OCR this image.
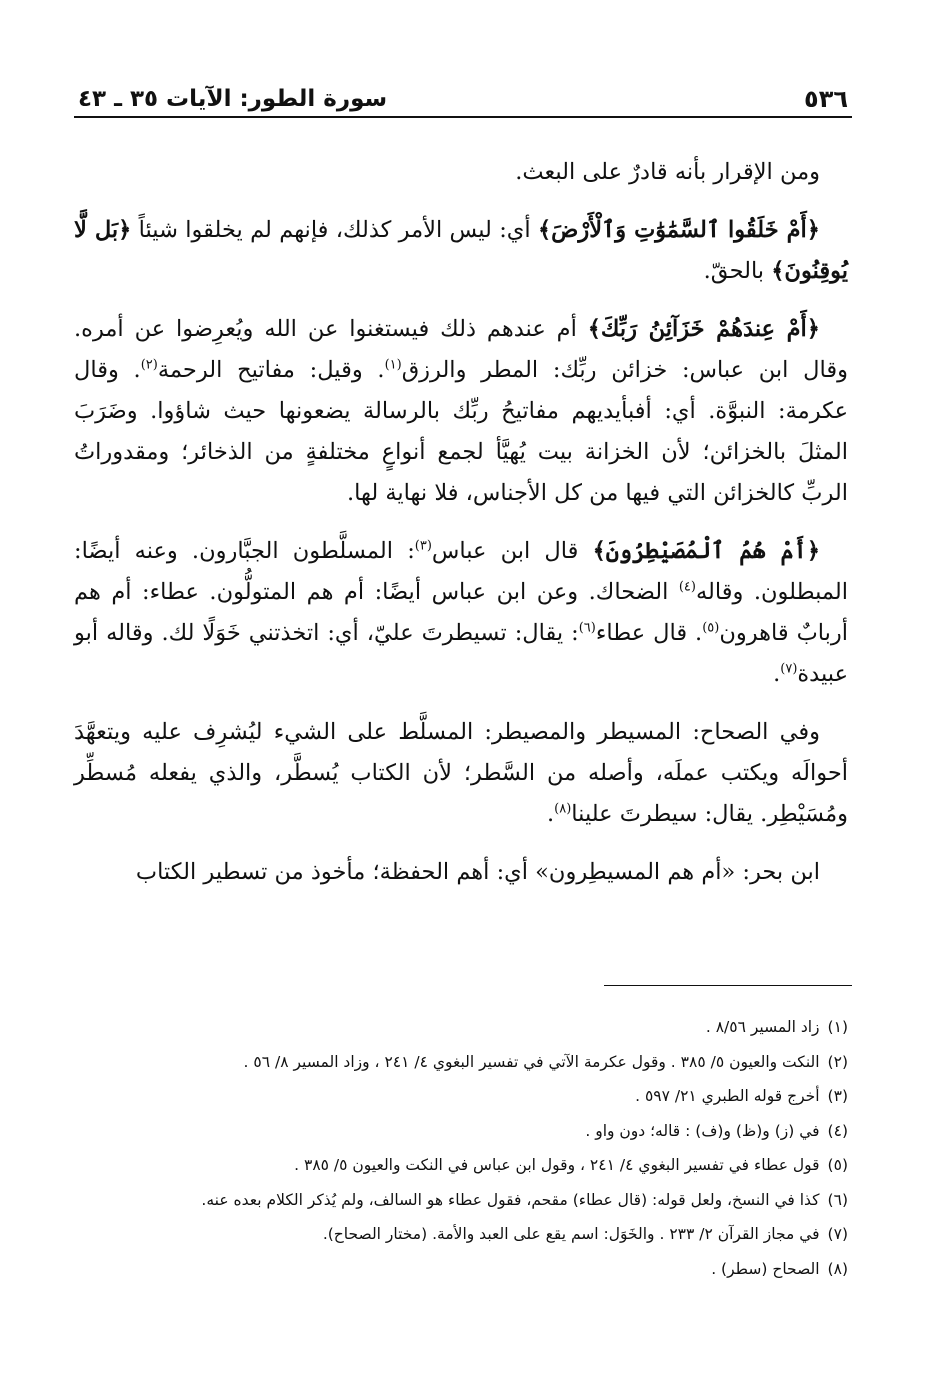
٥٣٦
سورة الطور: الآيات ٣٥ ـ ٤٣

ومن الإقرار بأنه قادرٌ على البعث.

﴿أَمْ خَلَقُوا ٱلسَّمَٰوَٰتِ وَٱلْأَرْضَ﴾ أي: ليس الأمر كذلك، فإنهم لم يخلقوا شيئاً ﴿بَل لَّا يُوقِنُونَ﴾ بالحقّ.

﴿أَمْ عِندَهُمْ خَزَآئِنُ رَبِّكَ﴾ أم عندهم ذلك فيستغنوا عن الله ويُعرِضوا عن أمره. وقال ابن عباس: خزائن ربِّك: المطر والرزق$^{(١)}$. وقيل: مفاتيح الرحمة$^{(٢)}$. وقال عكرمة: النبوَّة. أي: أفبأيديهم مفاتيحُ ربِّك بالرسالة يضعونها حيث شاؤوا. وضَرَبَ المثلَ بالخزائن؛ لأن الخزانة بيت يُهيَّأ لجمع أنواعٍ مختلفةٍ من الذخائر؛ ومقدوراتُ الربِّ كالخزائن التي فيها من كل الأجناس، فلا نهاية لها.

﴿أَمْ هُمُ ٱلْمُصَيْطِرُونَ﴾ قال ابن عباس$^{(٣)}$: المسلَّطون الجبَّارون. وعنه أيضًا: المبطلون. وقاله$^{(٤)}$ الضحاك. وعن ابن عباس أيضًا: أم هم المتولُّون. عطاء: أم هم أربابٌ قاهرون$^{(٥)}$. قال عطاء$^{(٦)}$: يقال: تسيطرتَ عليّ، أي: اتخذتني خَوَلًا لك. وقاله أبو عبيدة$^{(٧)}$.

وفي الصحاح: المسيطر والمصيطر: المسلَّط على الشيء ليُشرِف عليه ويتعهَّدَ أحوالَه ويكتب عملَه، وأصله من السَّطر؛ لأن الكتاب يُسطَّر، والذي يفعله مُسطِّر ومُسَيْطِر. يقال: سيطرتَ علينا$^{(٨)}$.

ابن بحر: «أم هم المسيطِرون» أي: أهم الحفظة؛ مأخوذ من تسطير الكتاب

(١)زاد المسير ٨/٥٦ .
(٢)النكت والعيون ٥/ ٣٨٥ . وقول عكرمة الآتي في تفسير البغوي ٤/ ٢٤١ ، وزاد المسير ٨/ ٥٦ .
(٣)أخرج قوله الطبري ٢١/ ٥٩٧ .
(٤)في (ز) و(ظ) و(ف) : قاله؛ دون واو .
(٥)قول عطاء في تفسير البغوي ٤/ ٢٤١ ، وقول ابن عباس في النكت والعيون ٥/ ٣٨٥ .
(٦)كذا في النسخ، ولعل قوله: (قال عطاء) مقحم، فقول عطاء هو السالف، ولم يُذكر الكلام بعده عنه.
(٧)في مجاز القرآن ٢/ ٢٣٣ . والخَوَل: اسم يقع على العبد والأمة. (مختار الصحاح).
(٨)الصحاح (سطر) .
